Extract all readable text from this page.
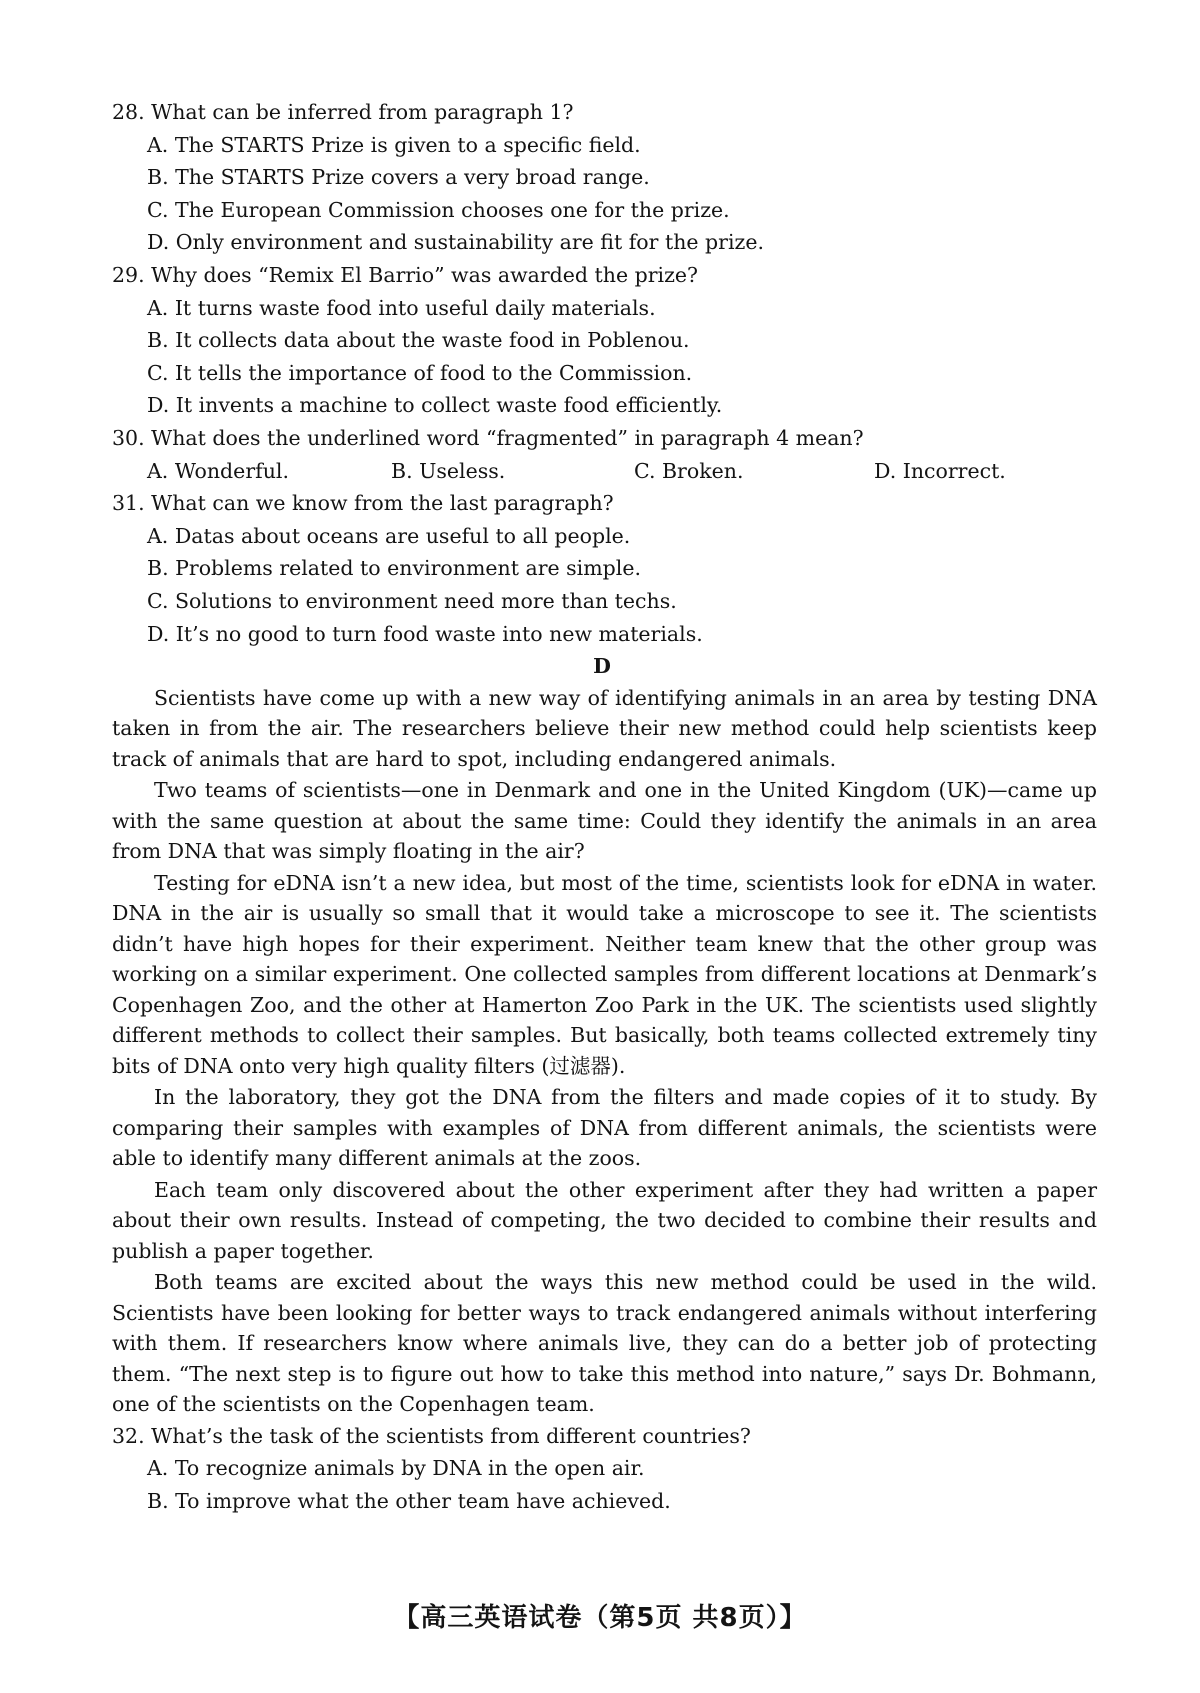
28. What can be inferred from paragraph 1?
A. The STARTS Prize is given to a specific field.
B. The STARTS Prize covers a very broad range.
C. The European Commission chooses one for the prize.
D. Only environment and sustainability are fit for the prize.
29. Why does “Remix El Barrio” was awarded the prize?
A. It turns waste food into useful daily materials.
B. It collects data about the waste food in Poblenou.
C. It tells the importance of food to the Commission.
D. It invents a machine to collect waste food efficiently.
30. What does the underlined word “fragmented” in paragraph 4 mean?
A. Wonderful.	B. Useless.	C. Broken.	D. Incorrect.
31. What can we know from the last paragraph?
A. Datas about oceans are useful to all people.
B. Problems related to environment are simple.
C. Solutions to environment need more than techs.
D. It’s no good to turn food waste into new materials.
D

Scientists have come up with a new way of identifying animals in an area by testing DNA taken in from the air. The researchers believe their new method could help scientists keep track of animals that are hard to spot, including endangered animals.

Two teams of scientists—one in Denmark and one in the United Kingdom (UK)—came up with the same question at about the same time: Could they identify the animals in an area from DNA that was simply floating in the air?

Testing for eDNA isn’t a new idea, but most of the time, scientists look for eDNA in water. DNA in the air is usually so small that it would take a microscope to see it. The scientists didn’t have high hopes for their experiment. Neither team knew that the other group was working on a similar experiment. One collected samples from different locations at Denmark’s Copenhagen Zoo, and the other at Hamerton Zoo Park in the UK. The scientists used slightly different methods to collect their samples. But basically, both teams collected extremely tiny bits of DNA onto very high quality filters (过滤器).

In the laboratory, they got the DNA from the filters and made copies of it to study. By comparing their samples with examples of DNA from different animals, the scientists were able to identify many different animals at the zoos.

Each team only discovered about the other experiment after they had written a paper about their own results. Instead of competing, the two decided to combine their results and publish a paper together.

Both teams are excited about the ways this new method could be used in the wild. Scientists have been looking for better ways to track endangered animals without interfering with them. If researchers know where animals live, they can do a better job of protecting them. “The next step is to figure out how to take this method into nature,” says Dr. Bohmann, one of the scientists on the Copenhagen team.

32. What’s the task of the scientists from different countries?
A. To recognize animals by DNA in the open air.
B. To improve what the other team have achieved.
【高三英语试卷（第5页 共8页）】
